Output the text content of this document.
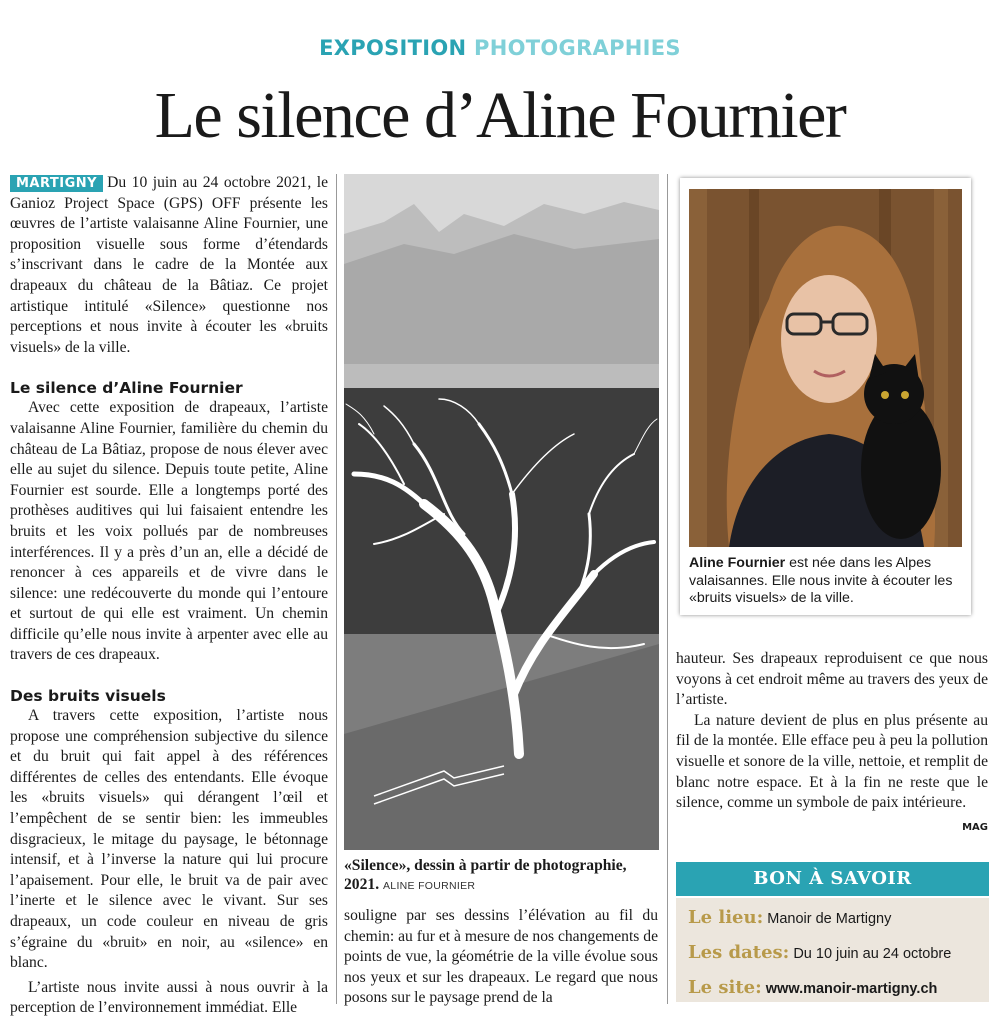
EXPOSITION PHOTOGRAPHIES
Le silence d’Aline Fournier

MARTIGNY Du 10 juin au 24 octobre 2021, le Ganioz Project Space (GPS) OFF présente les œuvres de l’artiste valaisanne Aline Fournier, une proposition visuelle sous forme d’étendards s’inscrivant dans le cadre de la Montée aux drapeaux du château de la Bâtiaz. Ce projet artistique intitulé «Silence» questionne nos perceptions et nous invite à écouter les «bruits visuels» de la ville.

Le silence d’Aline Fournier

Avec cette exposition de drapeaux, l’artiste valaisanne Aline Fournier, familière du chemin du château de La Bâtiaz, propose de nous élever avec elle au sujet du silence. Depuis toute petite, Aline Fournier est sourde. Elle a longtemps porté des prothèses auditives qui lui faisaient entendre les bruits et les voix pollués par de nombreuses interférences. Il y a près d’un an, elle a décidé de renoncer à ces appareils et de vivre dans le silence: une redécouverte du monde qui l’entoure et surtout de qui elle est vraiment. Un chemin difficile qu’elle nous invite à arpenter avec elle au travers de ces drapeaux.

Des bruits visuels

A travers cette exposition, l’artiste nous propose une compréhension subjective du silence et du bruit qui fait appel à des références différentes de celles des entendants. Elle évoque les «bruits visuels» qui dérangent l’œil et l’empêchent de se sentir bien: les immeubles disgracieux, le mitage du paysage, le bétonnage intensif, et à l’inverse la nature qui lui procure l’apaisement. Pour elle, le bruit va de pair avec l’inerte et le silence avec le vivant. Sur ses drapeaux, un code couleur en niveau de gris s’égraine du «bruit» en noir, au «silence» en blanc.

L’artiste nous invite aussi à nous ouvrir à la perception de l’environnement immédiat. Elle

«Silence», dessin à partir de photographie, 2021. ALINE FOURNIER

souligne par ses dessins l’élévation au fil du chemin: au fur et à mesure de nos changements de points de vue, la géométrie de la ville évolue sous nos yeux et sur les drapeaux. Le regard que nous posons sur le paysage prend de la

Aline Fournier est née dans les Alpes valaisannes. Elle nous invite à écouter les «bruits visuels» de la ville.

hauteur. Ses drapeaux reproduisent ce que nous voyons à cet endroit même au travers des yeux de l’artiste.

La nature devient de plus en plus présente au fil de la montée. Elle efface peu à peu la pollution visuelle et sonore de la ville, nettoie, et remplit de blanc notre espace. Et à la fin ne reste que le silence, comme un symbole de paix intérieure.
MAG

BON À SAVOIR
Le lieu: Manoir de Martigny
Les dates: Du 10 juin au 24 octobre
Le site: www.manoir-martigny.ch
